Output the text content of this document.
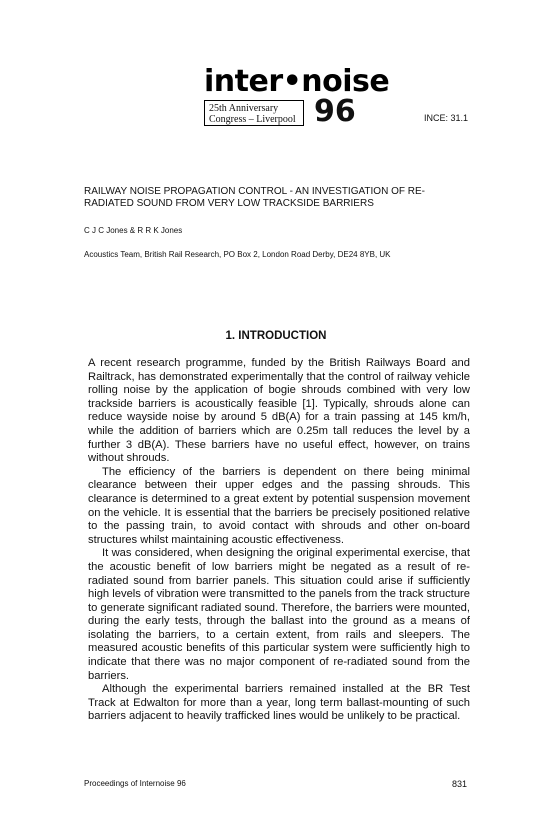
inter•noise
25th Anniversary
Congress – Liverpool 96	INCE: 31.1
RAILWAY NOISE PROPAGATION CONTROL - AN INVESTIGATION OF RE-RADIATED SOUND FROM VERY LOW TRACKSIDE BARRIERS
C J C Jones & R R K Jones
Acoustics Team, British Rail Research, PO Box 2, London Road Derby, DE24 8YB, UK
1. INTRODUCTION

A recent research programme, funded by the British Railways Board and Railtrack, has demonstrated experimentally that the control of railway vehicle rolling noise by the application of bogie shrouds combined with very low trackside barriers is acoustically feasible [1]. Typically, shrouds alone can reduce wayside noise by around 5 dB(A) for a train passing at 145 km/h, while the addition of barriers which are 0.25m tall reduces the level by a further 3 dB(A). These barriers have no useful effect, however, on trains without shrouds.

The efficiency of the barriers is dependent on there being minimal clearance between their upper edges and the passing shrouds. This clearance is determined to a great extent by potential suspension movement on the vehicle. It is essential that the barriers be precisely positioned relative to the passing train, to avoid contact with shrouds and other on-board structures whilst maintaining acoustic effectiveness.

It was considered, when designing the original experimental exercise, that the acoustic benefit of low barriers might be negated as a result of re-radiated sound from barrier panels. This situation could arise if sufficiently high levels of vibration were transmitted to the panels from the track structure to generate significant radiated sound. Therefore, the barriers were mounted, during the early tests, through the ballast into the ground as a means of isolating the barriers, to a certain extent, from rails and sleepers. The measured acoustic benefits of this particular system were sufficiently high to indicate that there was no major component of re-radiated sound from the barriers.

Although the experimental barriers remained installed at the BR Test Track at Edwalton for more than a year, long term ballast-mounting of such barriers adjacent to heavily trafficked lines would be unlikely to be practical.

Proceedings of Internoise 96	831
